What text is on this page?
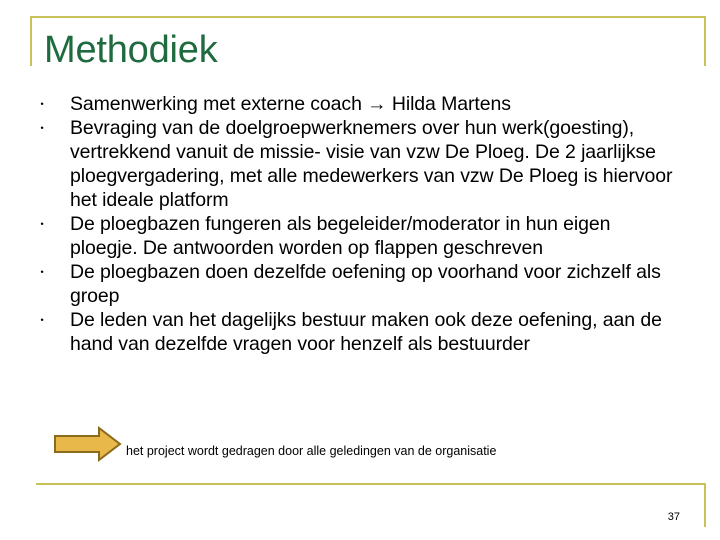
Methodiek
• Samenwerking met externe coach → Hilda Martens
• Bevraging van de doelgroepwerknemers over hun werk(goesting), vertrekkend vanuit de missie- visie van vzw De Ploeg. De 2 jaarlijkse ploegvergadering, met alle medewerkers van vzw De Ploeg is hiervoor het ideale platform
• De ploegbazen fungeren als begeleider/moderator in hun eigen ploegje. De antwoorden worden op flappen geschreven
• De ploegbazen doen dezelfde oefening op voorhand voor zichzelf als groep
• De leden van het dagelijks bestuur maken ook deze oefening, aan de hand van dezelfde vragen voor henzelf als bestuurder
het project wordt gedragen door alle geledingen van de organisatie
37
